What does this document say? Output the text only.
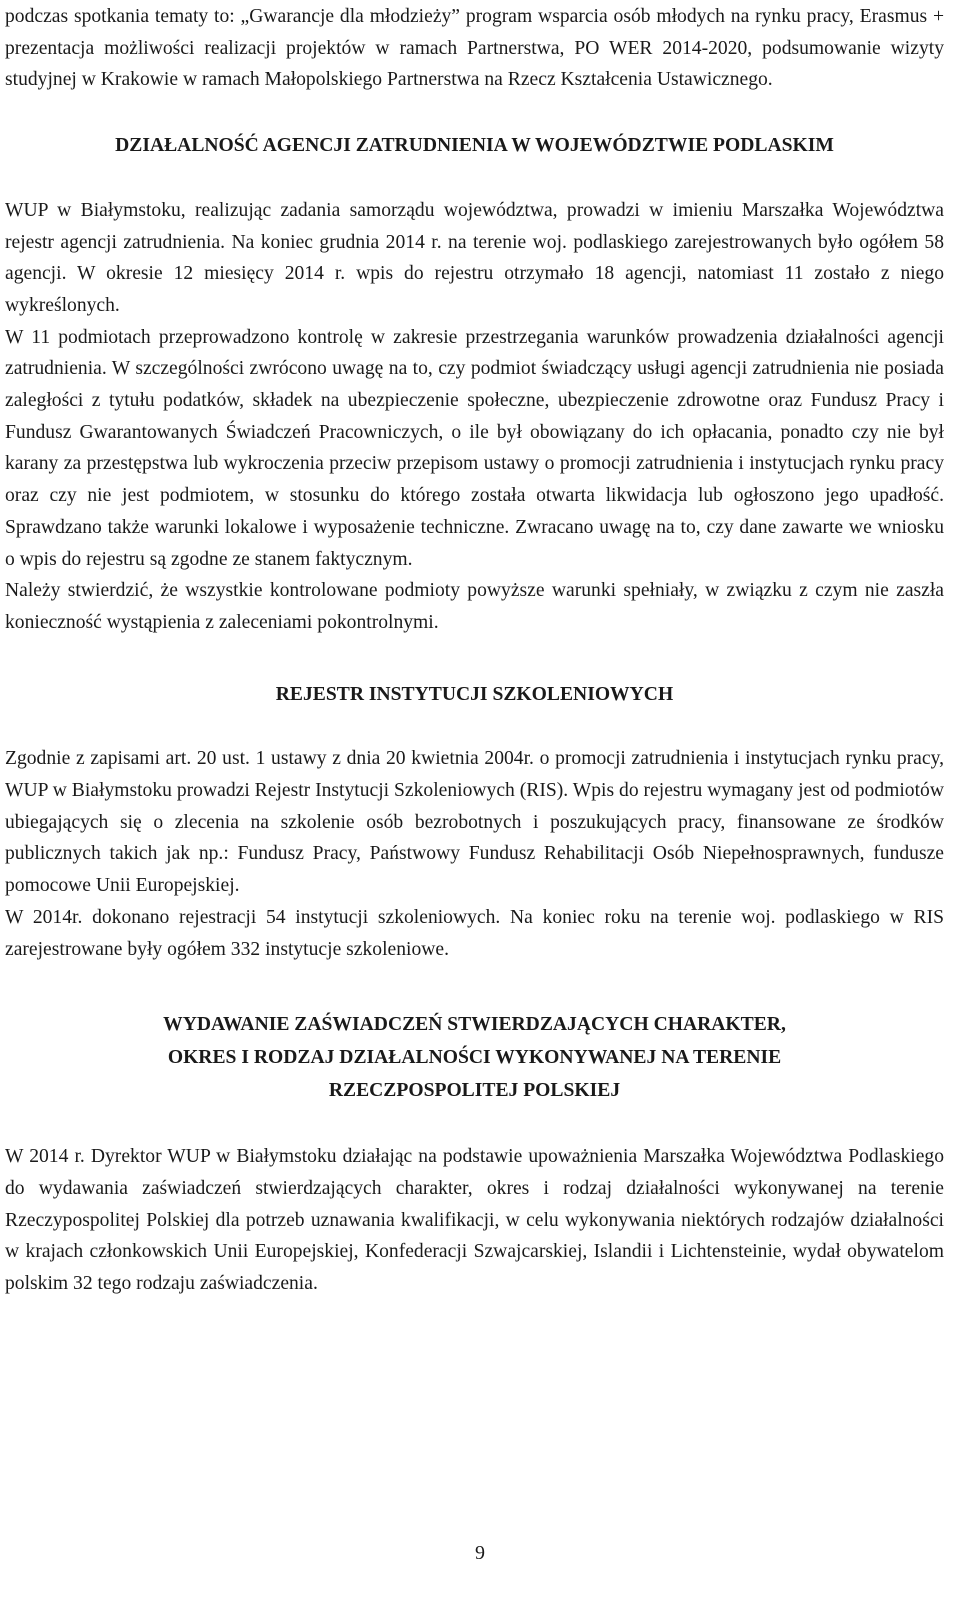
podczas spotkania tematy to: „Gwarancje dla młodzieży” program wsparcia osób młodych na rynku pracy, Erasmus + prezentacja możliwości realizacji projektów w ramach Partnerstwa, PO WER 2014-2020, podsumowanie wizyty studyjnej w Krakowie w ramach Małopolskiego Partnerstwa na Rzecz Kształcenia Ustawicznego.

DZIAŁALNOŚĆ AGENCJI ZATRUDNIENIA W WOJEWÓDZTWIE PODLASKIM

WUP w Białymstoku, realizując zadania samorządu województwa, prowadzi w imieniu Marszałka Województwa rejestr agencji zatrudnienia. Na koniec grudnia 2014 r. na terenie woj. podlaskiego zarejestrowanych było ogółem 58 agencji. W okresie 12 miesięcy 2014 r. wpis do rejestru otrzymało 18 agencji, natomiast 11 zostało z niego wykreślonych.

W 11 podmiotach przeprowadzono kontrolę w zakresie przestrzegania warunków prowadzenia działalności agencji zatrudnienia. W szczególności zwrócono uwagę na to, czy podmiot świadczący usługi agencji zatrudnienia nie posiada zaległości z tytułu podatków, składek na ubezpieczenie społeczne, ubezpieczenie zdrowotne oraz Fundusz Pracy i Fundusz Gwarantowanych Świadczeń Pracowniczych, o ile był obowiązany do ich opłacania, ponadto czy nie był karany za przestępstwa lub wykroczenia przeciw przepisom ustawy o promocji zatrudnienia i instytucjach rynku pracy oraz czy nie jest podmiotem, w stosunku do którego została otwarta likwidacja lub ogłoszono jego upadłość. Sprawdzano także warunki lokalowe i wyposażenie techniczne. Zwracano uwagę na to, czy dane zawarte we wniosku o wpis do rejestru są zgodne ze stanem faktycznym.

Należy stwierdzić, że wszystkie kontrolowane podmioty powyższe warunki spełniały, w związku z czym nie zaszła konieczność wystąpienia z zaleceniami pokontrolnymi.

REJESTR INSTYTUCJI SZKOLENIOWYCH

Zgodnie z zapisami art. 20 ust. 1 ustawy z dnia 20 kwietnia 2004r. o promocji zatrudnienia i instytucjach rynku pracy, WUP w Białymstoku prowadzi Rejestr Instytucji Szkoleniowych (RIS). Wpis do rejestru wymagany jest od podmiotów ubiegających się o zlecenia na szkolenie osób bezrobotnych i poszukujących pracy, finansowane ze środków publicznych takich jak np.: Fundusz Pracy, Państwowy Fundusz Rehabilitacji Osób Niepełnosprawnych, fundusze pomocowe Unii Europejskiej.

W 2014r. dokonano rejestracji 54 instytucji szkoleniowych. Na koniec roku na terenie woj. podlaskiego w RIS zarejestrowane były ogółem 332 instytucje szkoleniowe.

WYDAWANIE ZAŚWIADCZEŃ STWIERDZAJĄCYCH CHARAKTER,
OKRES I RODZAJ DZIAŁALNOŚCI WYKONYWANEJ NA TERENIE
RZECZPOSPOLITEJ POLSKIEJ

W 2014 r. Dyrektor WUP w Białymstoku działając na podstawie upoważnienia Marszałka Województwa Podlaskiego do wydawania zaświadczeń stwierdzających charakter, okres i rodzaj działalności wykonywanej na terenie Rzeczypospolitej Polskiej dla potrzeb uznawania kwalifikacji, w celu wykonywania niektórych rodzajów działalności w krajach członkowskich Unii Europejskiej, Konfederacji Szwajcarskiej, Islandii i Lichtensteinie, wydał obywatelom polskim 32 tego rodzaju zaświadczenia.

9
